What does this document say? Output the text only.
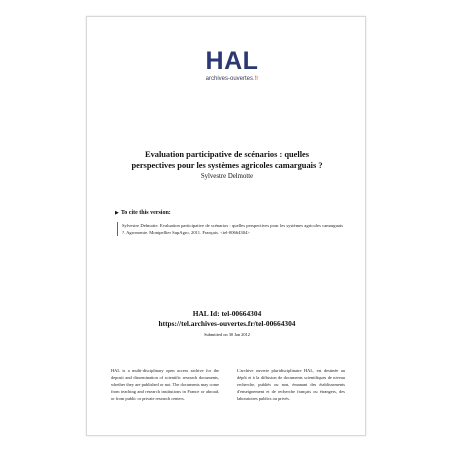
HAL
archives-ouvertes.fr
Evaluation participative de scénarios : quelles
perspectives pour les systèmes agricoles camarguais ?
Sylvestre Delmotte
▶ To cite this version:
Sylvestre Delmotte. Evaluation participative de scénarios : quelles perspectives pour les systèmes agricoles camarguais ?. Agronomie. Montpellier SupAgro, 2011. Français. <tel-00664304>
HAL Id: tel-00664304
https://tel.archives-ouvertes.fr/tel-00664304
Submitted on 30 Jan 2012
HAL is a multi-disciplinary open access archive for the deposit and dissemination of scientific research documents, whether they are published or not. The documents may come from teaching and research institutions in France or abroad, or from public or private research centers.
L'archive ouverte pluridisciplinaire HAL, est destinée au dépôt et à la diffusion de documents scientifiques de niveau recherche, publiés ou non, émanant des établissements d'enseignement et de recherche français ou étrangers, des laboratoires publics ou privés.
